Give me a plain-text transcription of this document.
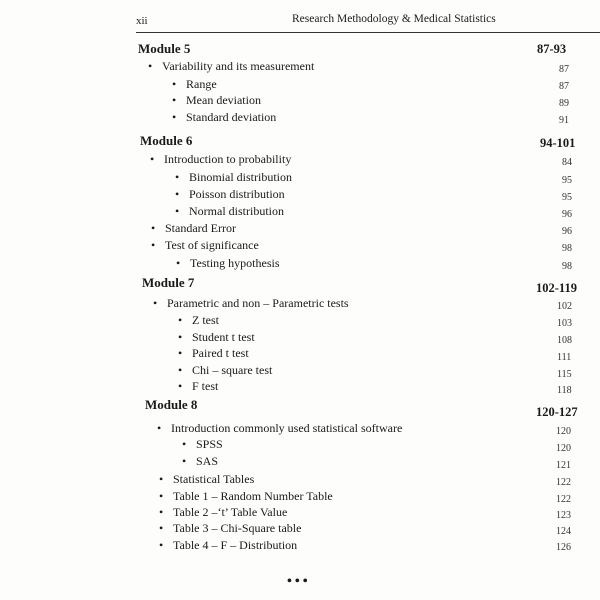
xii	Research Methodology & Medical Statistics
Module 5	87-93
• Variability and its measurement	87
• Range	87
• Mean deviation	89
• Standard deviation	91
Module 6	94-101
• Introduction to probability	84
• Binomial distribution	95
• Poisson distribution	95
• Normal distribution	96
• Standard Error	96
• Test of significance	98
• Testing hypothesis	98
Module 7	102-119
• Parametric and non – Parametric tests	102
• Z test	103
• Student t test	108
• Paired t test	111
• Chi – square test	115
• F test	118
Module 8	120-127
• Introduction commonly used statistical software	120
• SPSS	120
• SAS	121
• Statistical Tables	122
• Table 1 – Random Number Table	122
• Table 2 –‘t’ Table Value	123
• Table 3 – Chi-Square table	124
• Table 4 – F – Distribution	126
•••
